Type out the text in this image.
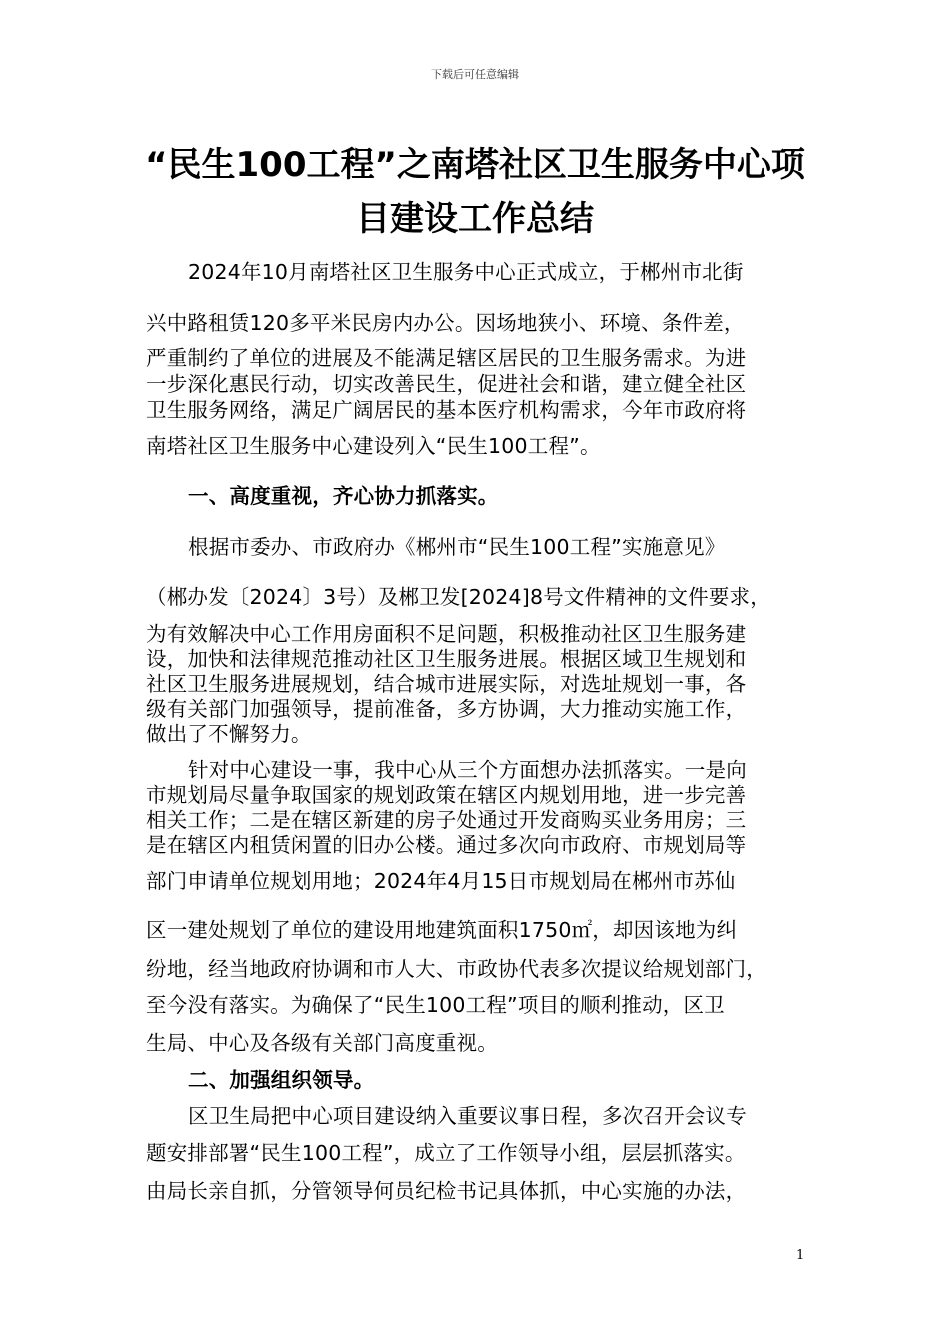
下载后可任意编辑
“民生100工程”之南塔社区卫生服务中心项目建设工作总结
2024年10月南塔社区卫生服务中心正式成立，于郴州市北街
兴中路租赁120多平米民房内办公。因场地狭小、环境、条件差，
严重制约了单位的进展及不能满足辖区居民的卫生服务需求。为进
一步深化惠民行动，切实改善民生，促进社会和谐，建立健全社区
卫生服务网络，满足广阔居民的基本医疗机构需求，今年市政府将
南塔社区卫生服务中心建设列入“民生100工程”。
一、高度重视，齐心协力抓落实。
根据市委办、市政府办《郴州市“民生100工程”实施意见》
（郴办发〔2024〕3号）及郴卫发[2024]8号文件精神的文件要求，
为有效解决中心工作用房面积不足问题，积极推动社区卫生服务建
设，加快和法律规范推动社区卫生服务进展。根据区域卫生规划和
社区卫生服务进展规划，结合城市进展实际，对选址规划一事，各
级有关部门加强领导，提前准备，多方协调，大力推动实施工作，
做出了不懈努力。
针对中心建设一事，我中心从三个方面想办法抓落实。一是向
市规划局尽量争取国家的规划政策在辖区内规划用地，进一步完善
相关工作；二是在辖区新建的房子处通过开发商购买业务用房；三
是在辖区内租赁闲置的旧办公楼。通过多次向市政府、市规划局等
部门申请单位规划用地；2024年4月15日市规划局在郴州市苏仙
区一建处规划了单位的建设用地建筑面积1750㎡，却因该地为纠
纷地，经当地政府协调和市人大、市政协代表多次提议给规划部门，
至今没有落实。为确保了“民生100工程”项目的顺利推动，区卫
生局、中心及各级有关部门高度重视。
二、加强组织领导。
区卫生局把中心项目建设纳入重要议事日程，多次召开会议专
题安排部署“民生100工程”，成立了工作领导小组，层层抓落实。
由局长亲自抓，分管领导何员纪检书记具体抓，中心实施的办法，
1
